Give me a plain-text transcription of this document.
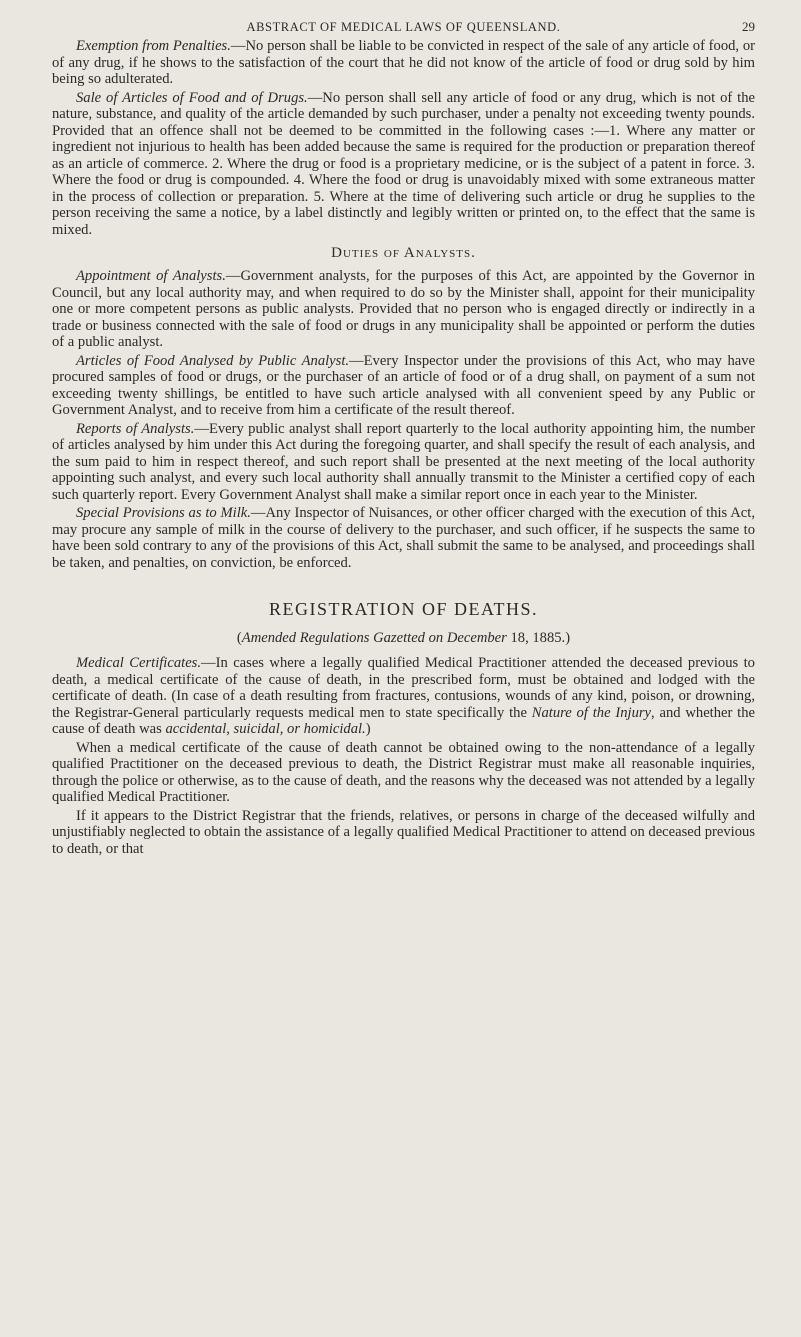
ABSTRACT OF MEDICAL LAWS OF QUEENSLAND.	29

Exemption from Penalties.—No person shall be liable to be convicted in respect of the sale of any article of food, or of any drug, if he shows to the satisfaction of the court that he did not know of the article of food or drug sold by him being so adulterated.

Sale of Articles of Food and of Drugs.—No person shall sell any article of food or any drug, which is not of the nature, substance, and quality of the article demanded by such purchaser, under a penalty not exceeding twenty pounds. Provided that an offence shall not be deemed to be committed in the following cases :—1. Where any matter or ingredient not injurious to health has been added because the same is required for the production or preparation thereof as an article of commerce. 2. Where the drug or food is a proprietary medicine, or is the subject of a patent in force. 3. Where the food or drug is compounded. 4. Where the food or drug is unavoidably mixed with some extraneous matter in the process of collection or preparation. 5. Where at the time of delivering such article or drug he supplies to the person receiving the same a notice, by a label distinctly and legibly written or printed on, to the effect that the same is mixed.

Duties of Analysts.

Appointment of Analysts.—Government analysts, for the purposes of this Act, are appointed by the Governor in Council, but any local authority may, and when required to do so by the Minister shall, appoint for their municipality one or more competent persons as public analysts. Provided that no person who is engaged directly or indirectly in a trade or business connected with the sale of food or drugs in any municipality shall be appointed or perform the duties of a public analyst.

Articles of Food Analysed by Public Analyst.—Every Inspector under the provisions of this Act, who may have procured samples of food or drugs, or the purchaser of an article of food or of a drug shall, on payment of a sum not exceeding twenty shillings, be entitled to have such article analysed with all convenient speed by any Public or Government Analyst, and to receive from him a certificate of the result thereof.

Reports of Analysts.—Every public analyst shall report quarterly to the local authority appointing him, the number of articles analysed by him under this Act during the foregoing quarter, and shall specify the result of each analysis, and the sum paid to him in respect thereof, and such report shall be presented at the next meeting of the local authority appointing such analyst, and every such local authority shall annually transmit to the Minister a certified copy of each such quarterly report. Every Government Analyst shall make a similar report once in each year to the Minister.

Special Provisions as to Milk.—Any Inspector of Nuisances, or other officer charged with the execution of this Act, may procure any sample of milk in the course of delivery to the purchaser, and such officer, if he suspects the same to have been sold contrary to any of the provisions of this Act, shall submit the same to be analysed, and proceedings shall be taken, and penalties, on conviction, be enforced.

REGISTRATION OF DEATHS.
(Amended Regulations Gazetted on December 18, 1885.)

Medical Certificates.—In cases where a legally qualified Medical Practitioner attended the deceased previous to death, a medical certificate of the cause of death, in the prescribed form, must be obtained and lodged with the certificate of death. (In case of a death resulting from fractures, contusions, wounds of any kind, poison, or drowning, the Registrar-General particularly requests medical men to state specifically the Nature of the Injury, and whether the cause of death was accidental, suicidal, or homicidal.)

When a medical certificate of the cause of death cannot be obtained owing to the non-attendance of a legally qualified Practitioner on the deceased previous to death, the District Registrar must make all reasonable inquiries, through the police or otherwise, as to the cause of death, and the reasons why the deceased was not attended by a legally qualified Medical Practitioner.

If it appears to the District Registrar that the friends, relatives, or persons in charge of the deceased wilfully and unjustifiably neglected to obtain the assistance of a legally qualified Medical Practitioner to attend on deceased previous to death, or that
